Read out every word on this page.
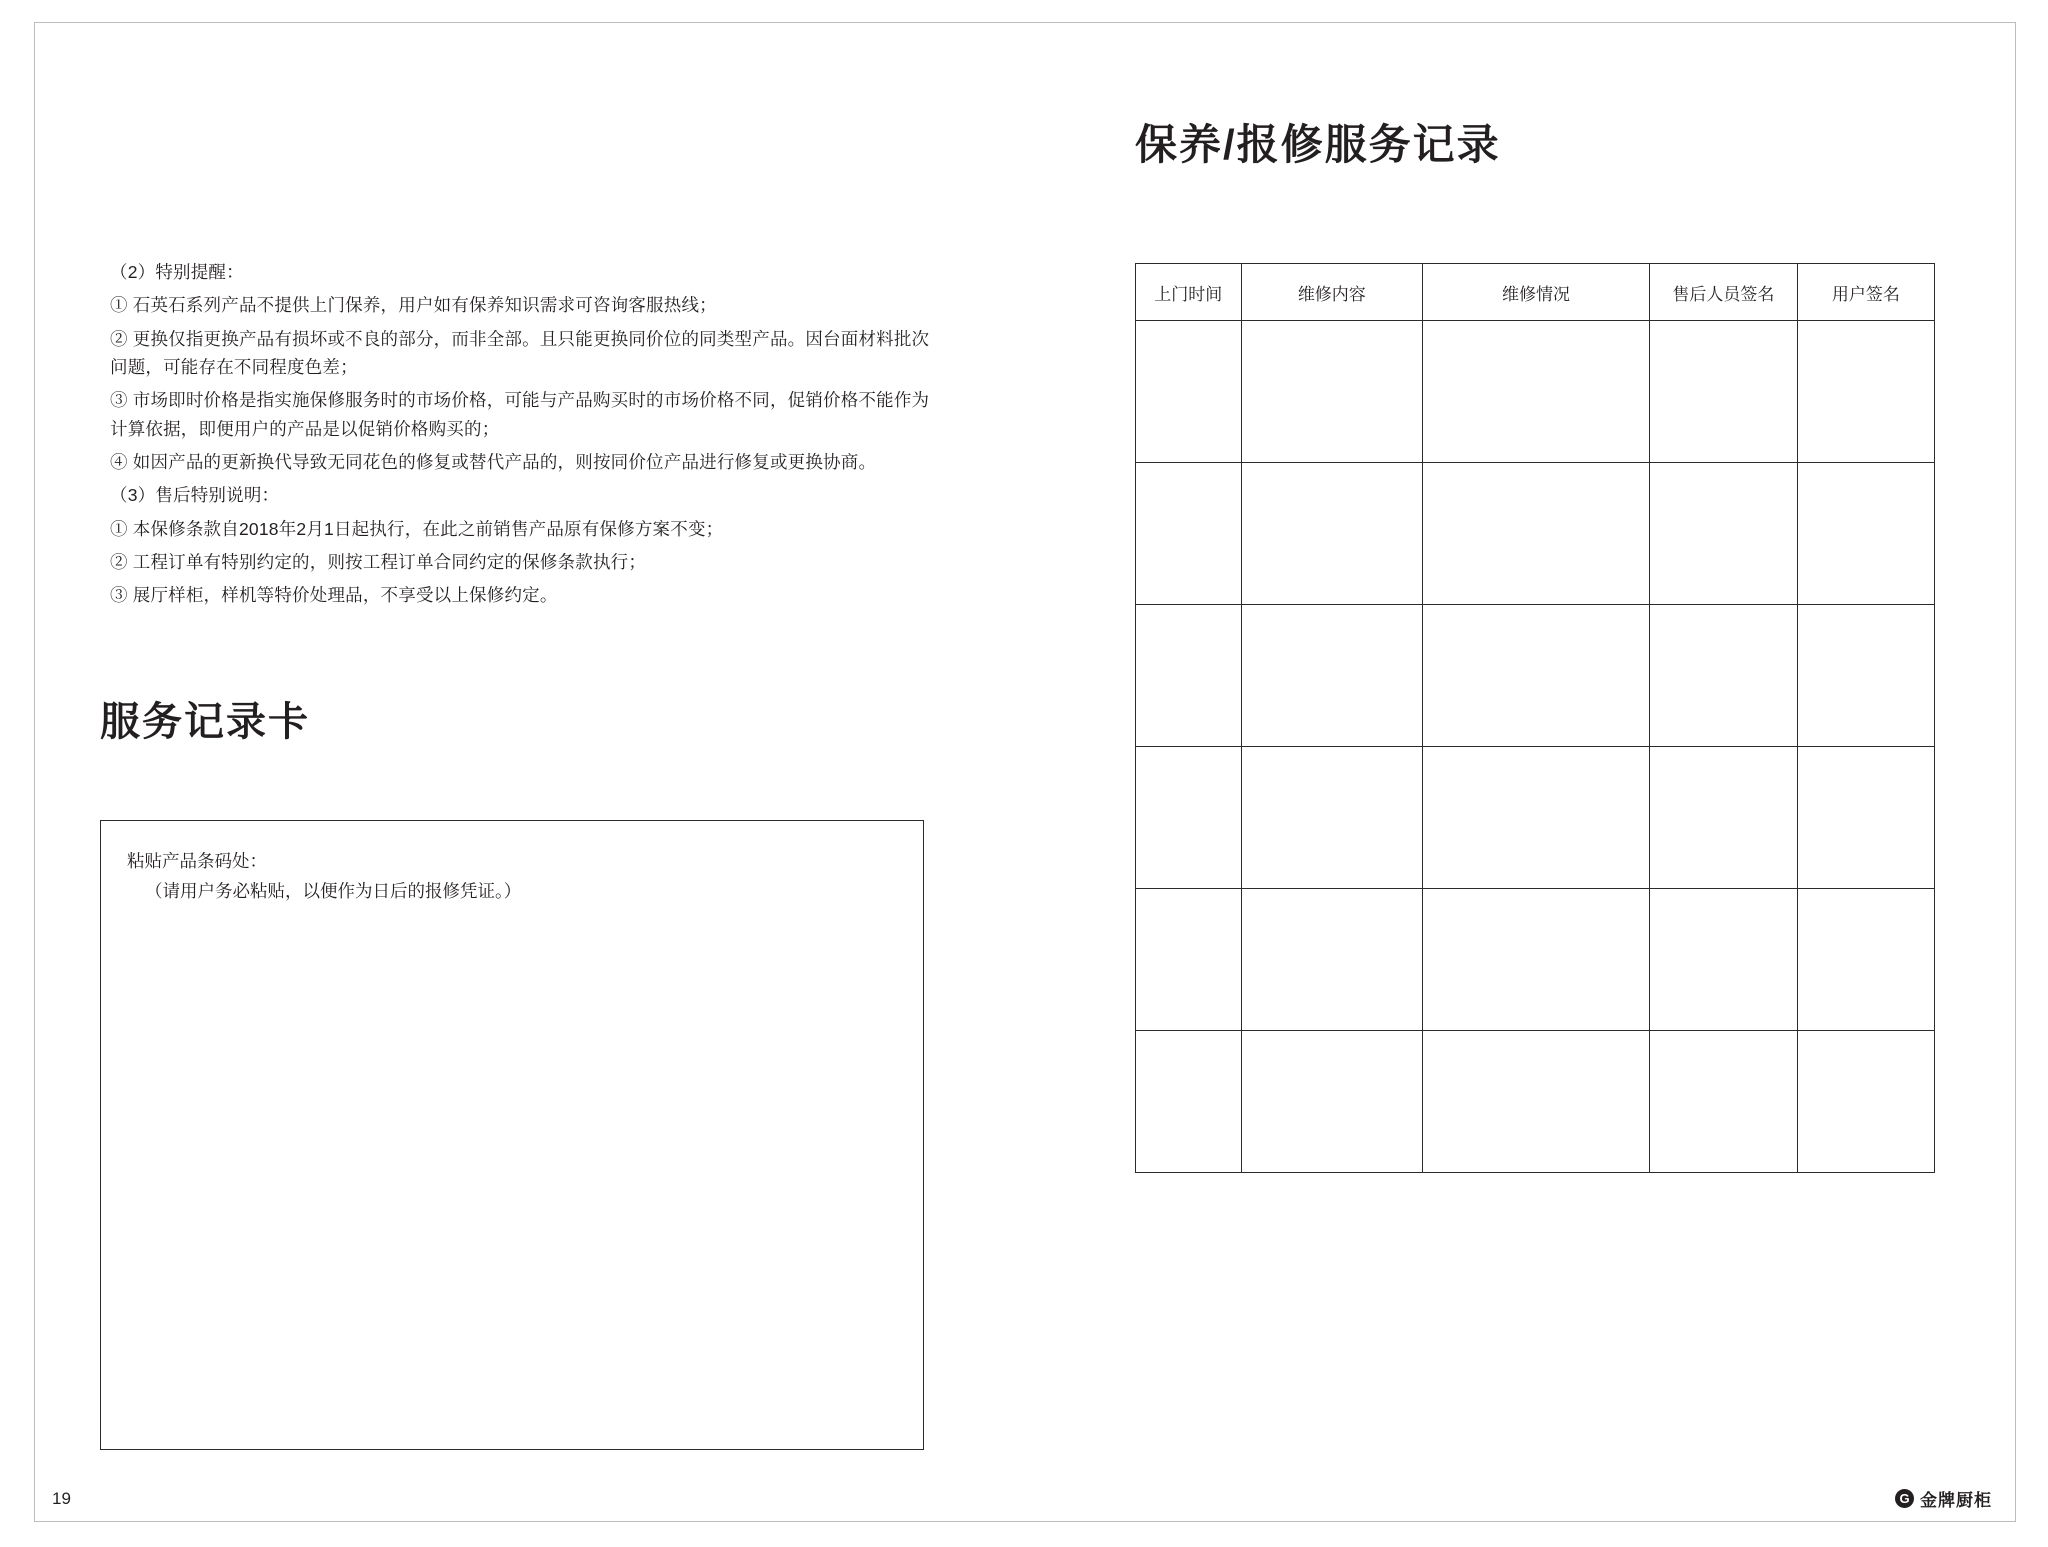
（2）特别提醒：

① 石英石系列产品不提供上门保养，用户如有保养知识需求可咨询客服热线；

② 更换仅指更换产品有损坏或不良的部分，而非全部。且只能更换同价位的同类型产品。因台面材料批次问题，可能存在不同程度色差；

③ 市场即时价格是指实施保修服务时的市场价格，可能与产品购买时的市场价格不同，促销价格不能作为计算依据，即便用户的产品是以促销价格购买的；

④ 如因产品的更新换代导致无同花色的修复或替代产品的，则按同价位产品进行修复或更换协商。

（3）售后特别说明：

① 本保修条款自2018年2月1日起执行，在此之前销售产品原有保修方案不变；

② 工程订单有特别约定的，则按工程订单合同约定的保修条款执行；

③ 展厅样柜，样机等特价处理品，不享受以上保修约定。

服务记录卡
粘贴产品条码处：
（请用户务必粘贴，以便作为日后的报修凭证。）
保养/报修服务记录
上门时间	维修内容	维修情况	售后人员签名	用户签名

19	G 金牌厨柜
